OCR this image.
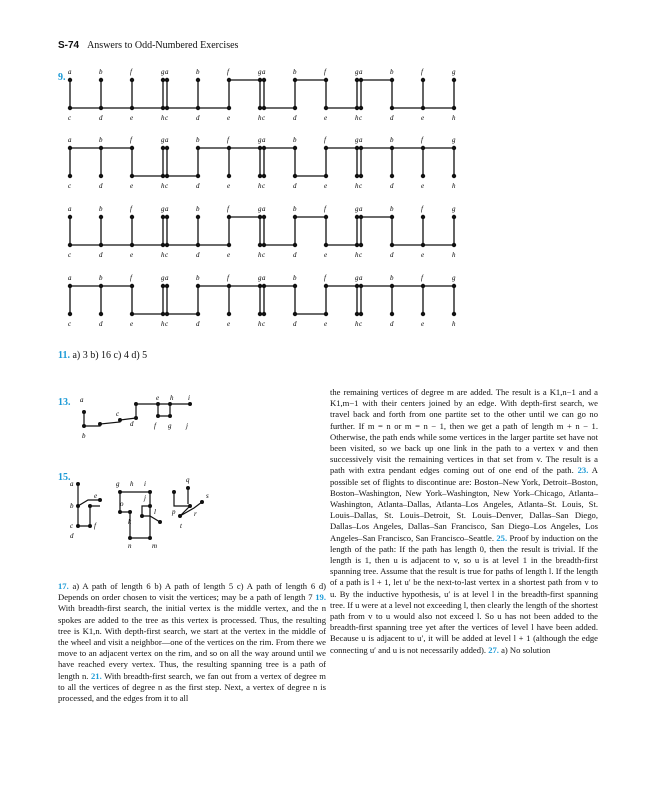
S-74 Answers to Odd-Numbered Exercises
9. a	b	f	g
c	d	e	h
a	b	f	g
c	d	e	h
a	b	f	g
c	d	e	h
a	b	f	g
c	d	e	h
a	b	f	g
c	d	e	h
a	b	f	g
c	d	e	h
a	b	f	g
c	d	e	h
a	b	f	g
c	d	e	h
a	b	f	g
c	d	e	h
a	b	f	g
c	d	e	h
a	b	f	g
c	d	e	h
a	b	f	g
c	d	e	h
a	b	f	g
c	d	e	h
a	b	f	g
c	d	e	h
a	b	f	g
c	d	e	h
a	b	f	g
c	d	e	h
11. a) 3 b) 16 c) 4 d) 5
13. a
b
c
d
e
f g
h i
j
15.
a
b
c
d
e
f
g h i
j
k
l
m
n
o
p
q
r
s
t

17. a) A path of length 6 b) A path of length 5 c) A path of length 6 d) Depends on order chosen to visit the vertices; may be a path of length 7 19. With breadth-first search, the initial vertex is the middle vertex, and the n spokes are added to the tree as this vertex is processed. Thus, the resulting tree is K1,n. With depth-first search, we start at the vertex in the middle of the wheel and visit a neighbor—one of the vertices on the rim. From there we move to an adjacent vertex on the rim, and so on all the way around until we have reached every vertex. Thus, the resulting spanning tree is a path of length n. 21. With breadth-first search, we fan out from a vertex of degree m to all the vertices of degree n as the first step. Next, a vertex of degree n is processed, and the edges from it to all

the remaining vertices of degree m are added. The result is a K1,n−1 and a K1,m−1 with their centers joined by an edge. With depth-first search, we travel back and forth from one partite set to the other until we can go no further. If m = n or m = n − 1, then we get a path of length m + n − 1. Otherwise, the path ends while some vertices in the larger partite set have not been visited, so we back up one link in the path to a vertex v and then successively visit the remaining vertices in that set from v. The result is a path with extra pendant edges coming out of one end of the path. 23. A possible set of flights to discontinue are: Boston–New York, Detroit–Boston, Boston–Washington, New York–Washington, New York–Chicago, Atlanta–Washington, Atlanta–Dallas, Atlanta–Los Angeles, Atlanta–St. Louis, St. Louis–Dallas, St. Louis–Detroit, St. Louis–Denver, Dallas–San Diego, Dallas–Los Angeles, Dallas–San Francisco, San Diego–Los Angeles, Los Angeles–San Francisco, San Francisco–Seattle. 25. Proof by induction on the length of the path: If the path has length 0, then the result is trivial. If the length is 1, then u is adjacent to v, so u is at level 1 in the breadth-first spanning tree. Assume that the result is true for paths of length l. If the length of a path is l + 1, let u′ be the next-to-last vertex in a shortest path from v to u. By the inductive hypothesis, u′ is at level l in the breadth-first spanning tree. If u were at a level not exceeding l, then clearly the length of the shortest path from v to u would also not exceed l. So u has not been added to the breadth-first spanning tree yet after the vertices of level l have been added. Because u is adjacent to u′, it will be added at level l + 1 (although the edge connecting u′ and u is not necessarily added). 27. a) No solution
